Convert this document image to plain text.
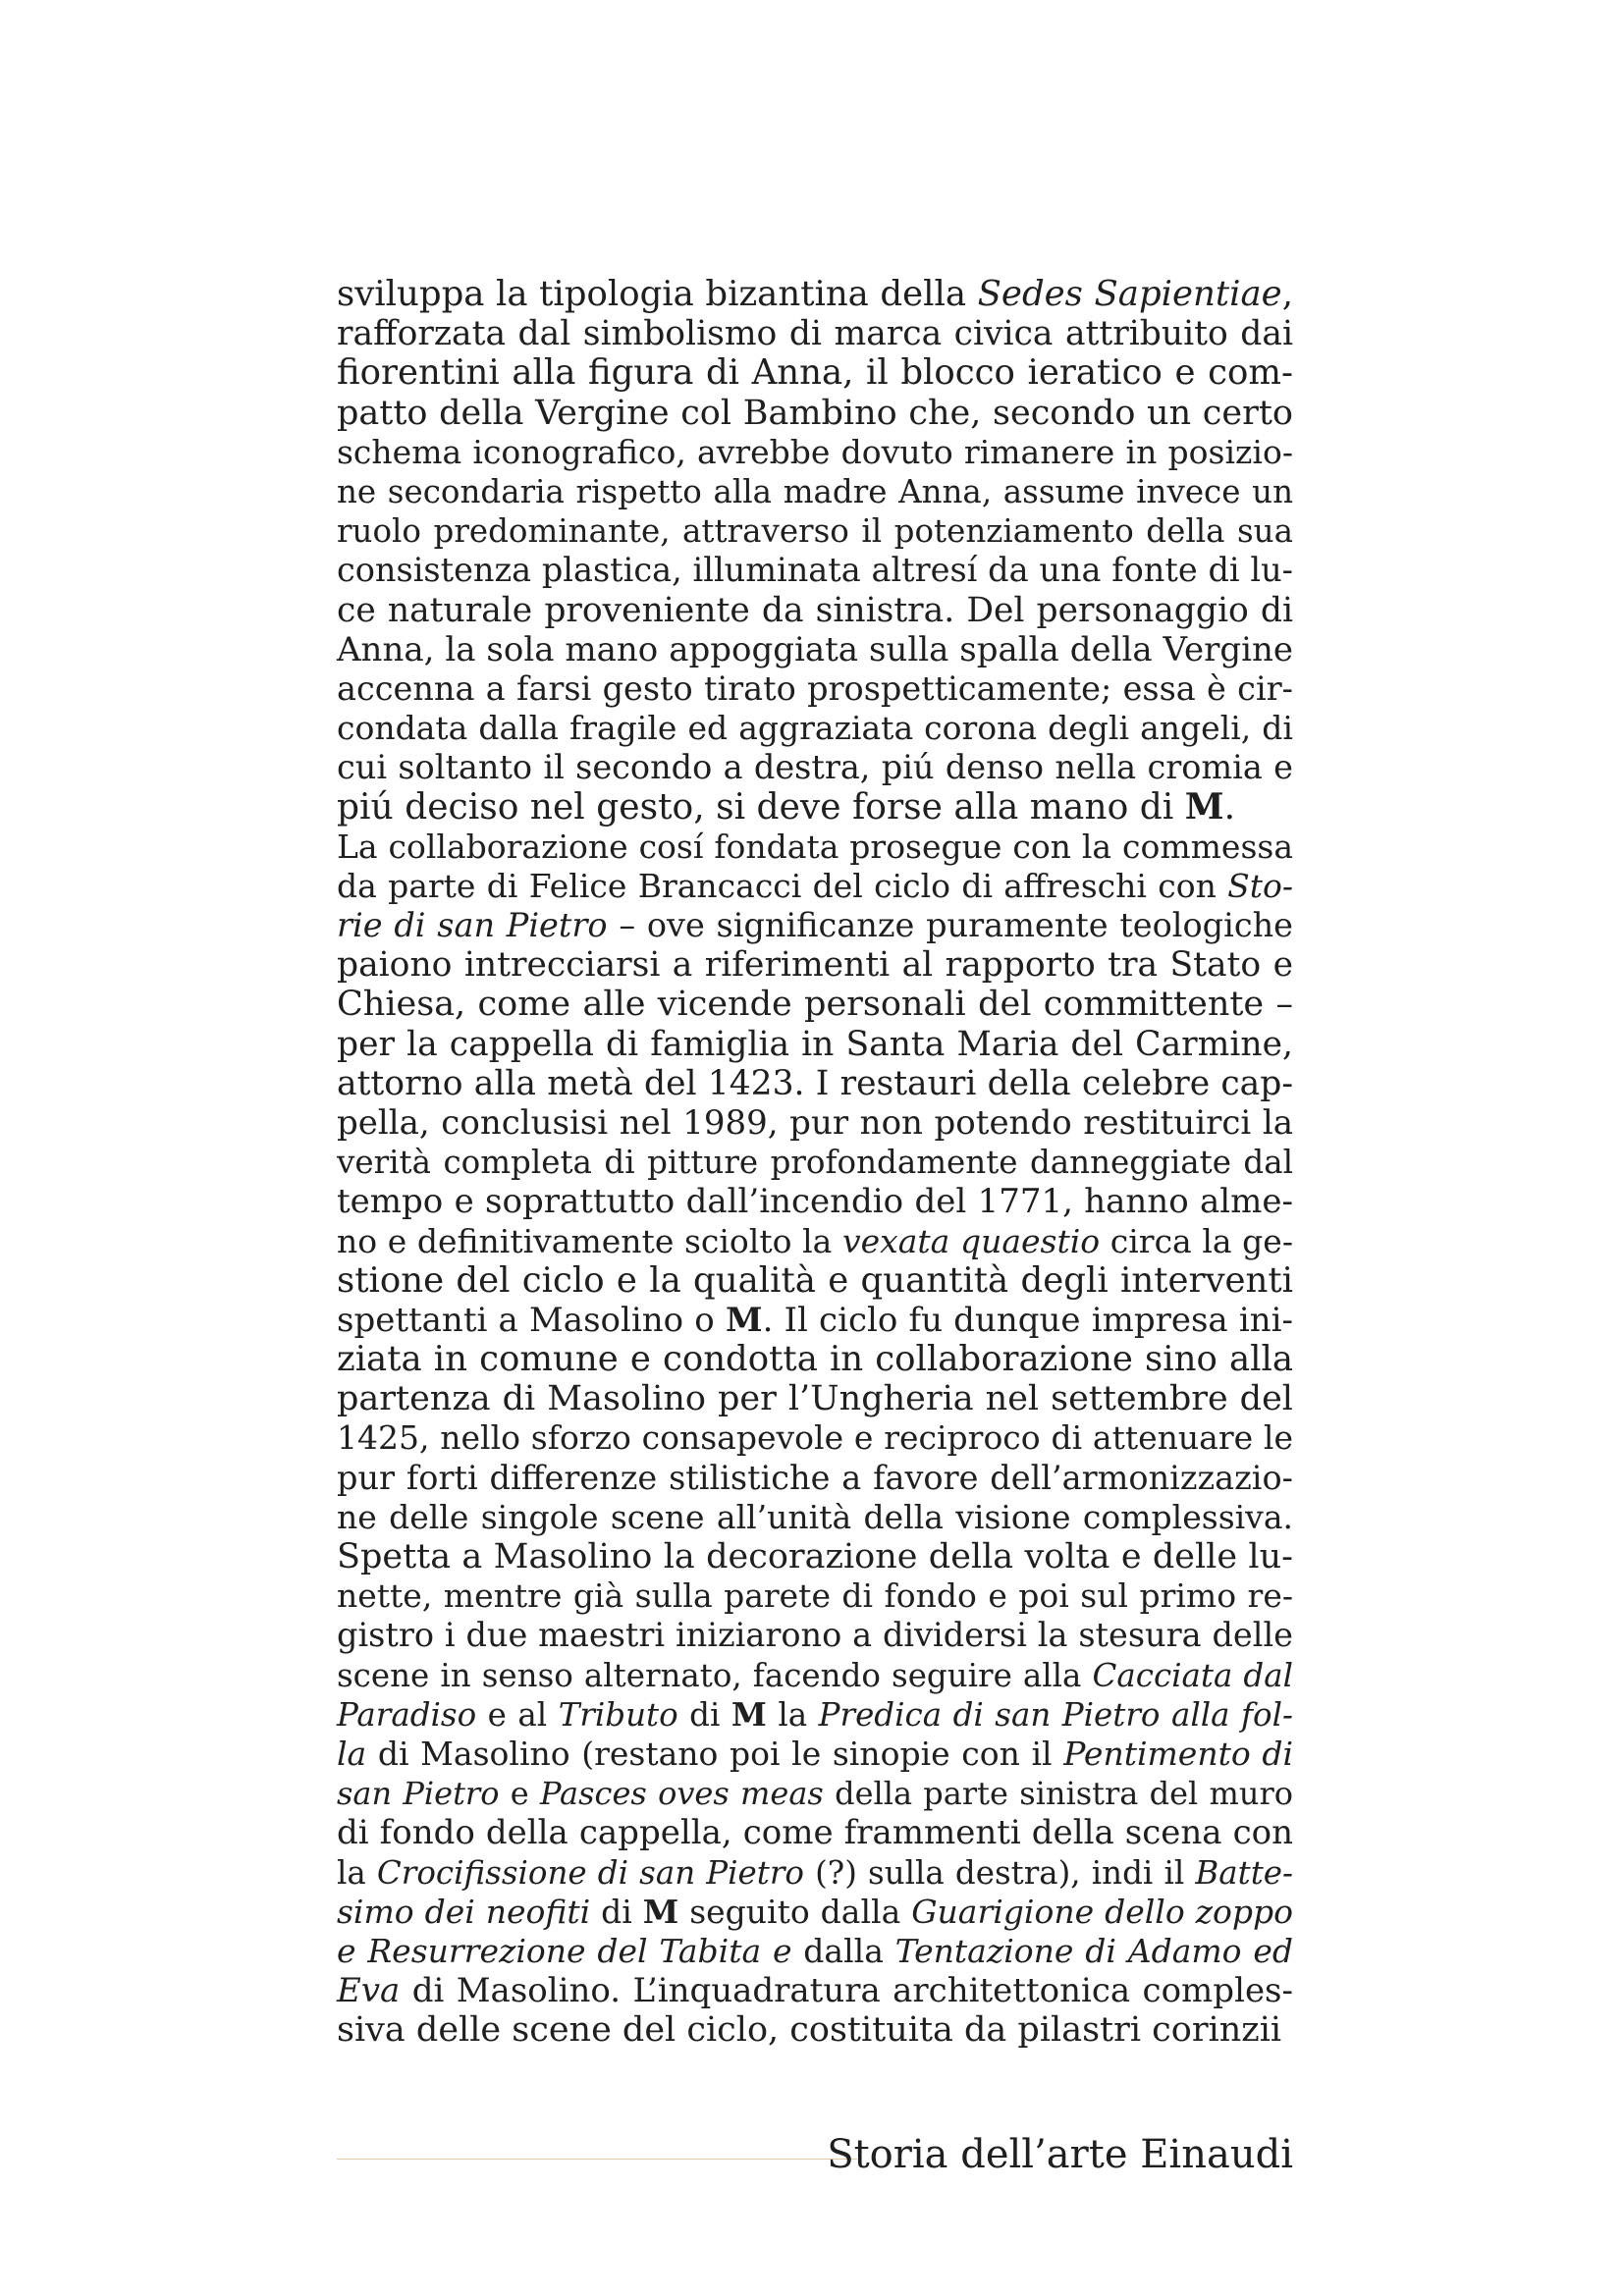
sviluppa la tipologia bizantina della Sedes Sapientiae,
rafforzata dal simbolismo di marca civica attribuito dai
fiorentini alla figura di Anna, il blocco ieratico e com-
patto della Vergine col Bambino che, secondo un certo
schema iconografico, avrebbe dovuto rimanere in posizio-
ne secondaria rispetto alla madre Anna, assume invece un
ruolo predominante, attraverso il potenziamento della sua
consistenza plastica, illuminata altresí da una fonte di lu-
ce naturale proveniente da sinistra. Del personaggio di
Anna, la sola mano appoggiata sulla spalla della Vergine
accenna a farsi gesto tirato prospetticamente; essa è cir-
condata dalla fragile ed aggraziata corona degli angeli, di
cui soltanto il secondo a destra, piú denso nella cromia e
piú deciso nel gesto, si deve forse alla mano di M.
La collaborazione cosí fondata prosegue con la commessa
da parte di Felice Brancacci del ciclo di affreschi con Sto-
rie di san Pietro – ove significanze puramente teologiche
paiono intrecciarsi a riferimenti al rapporto tra Stato e
Chiesa, come alle vicende personali del committente –
per la cappella di famiglia in Santa Maria del Carmine,
attorno alla metà del 1423. I restauri della celebre cap-
pella, conclusisi nel 1989, pur non potendo restituirci la
verità completa di pitture profondamente danneggiate dal
tempo e soprattutto dall’incendio del 1771, hanno alme-
no e definitivamente sciolto la vexata quaestio circa la ge-
stione del ciclo e la qualità e quantità degli interventi
spettanti a Masolino o M. Il ciclo fu dunque impresa ini-
ziata in comune e condotta in collaborazione sino alla
partenza di Masolino per l’Ungheria nel settembre del
1425, nello sforzo consapevole e reciproco di attenuare le
pur forti differenze stilistiche a favore dell’armonizzazio-
ne delle singole scene all’unità della visione complessiva.
Spetta a Masolino la decorazione della volta e delle lu-
nette, mentre già sulla parete di fondo e poi sul primo re-
gistro i due maestri iniziarono a dividersi la stesura delle
scene in senso alternato, facendo seguire alla Cacciata dal
Paradiso e al Tributo di M la Predica di san Pietro alla fol-
la di Masolino (restano poi le sinopie con il Pentimento di
san Pietro e Pasces oves meas della parte sinistra del muro
di fondo della cappella, come frammenti della scena con
la Crocifissione di san Pietro (?) sulla destra), indi il Batte-
simo dei neofiti di M seguito dalla Guarigione dello zoppo
e Resurrezione del Tabita e dalla Tentazione di Adamo ed
Eva di Masolino. L’inquadratura architettonica comples-
siva delle scene del ciclo, costituita da pilastri corinzii
Storia dell’arte Einaudi
